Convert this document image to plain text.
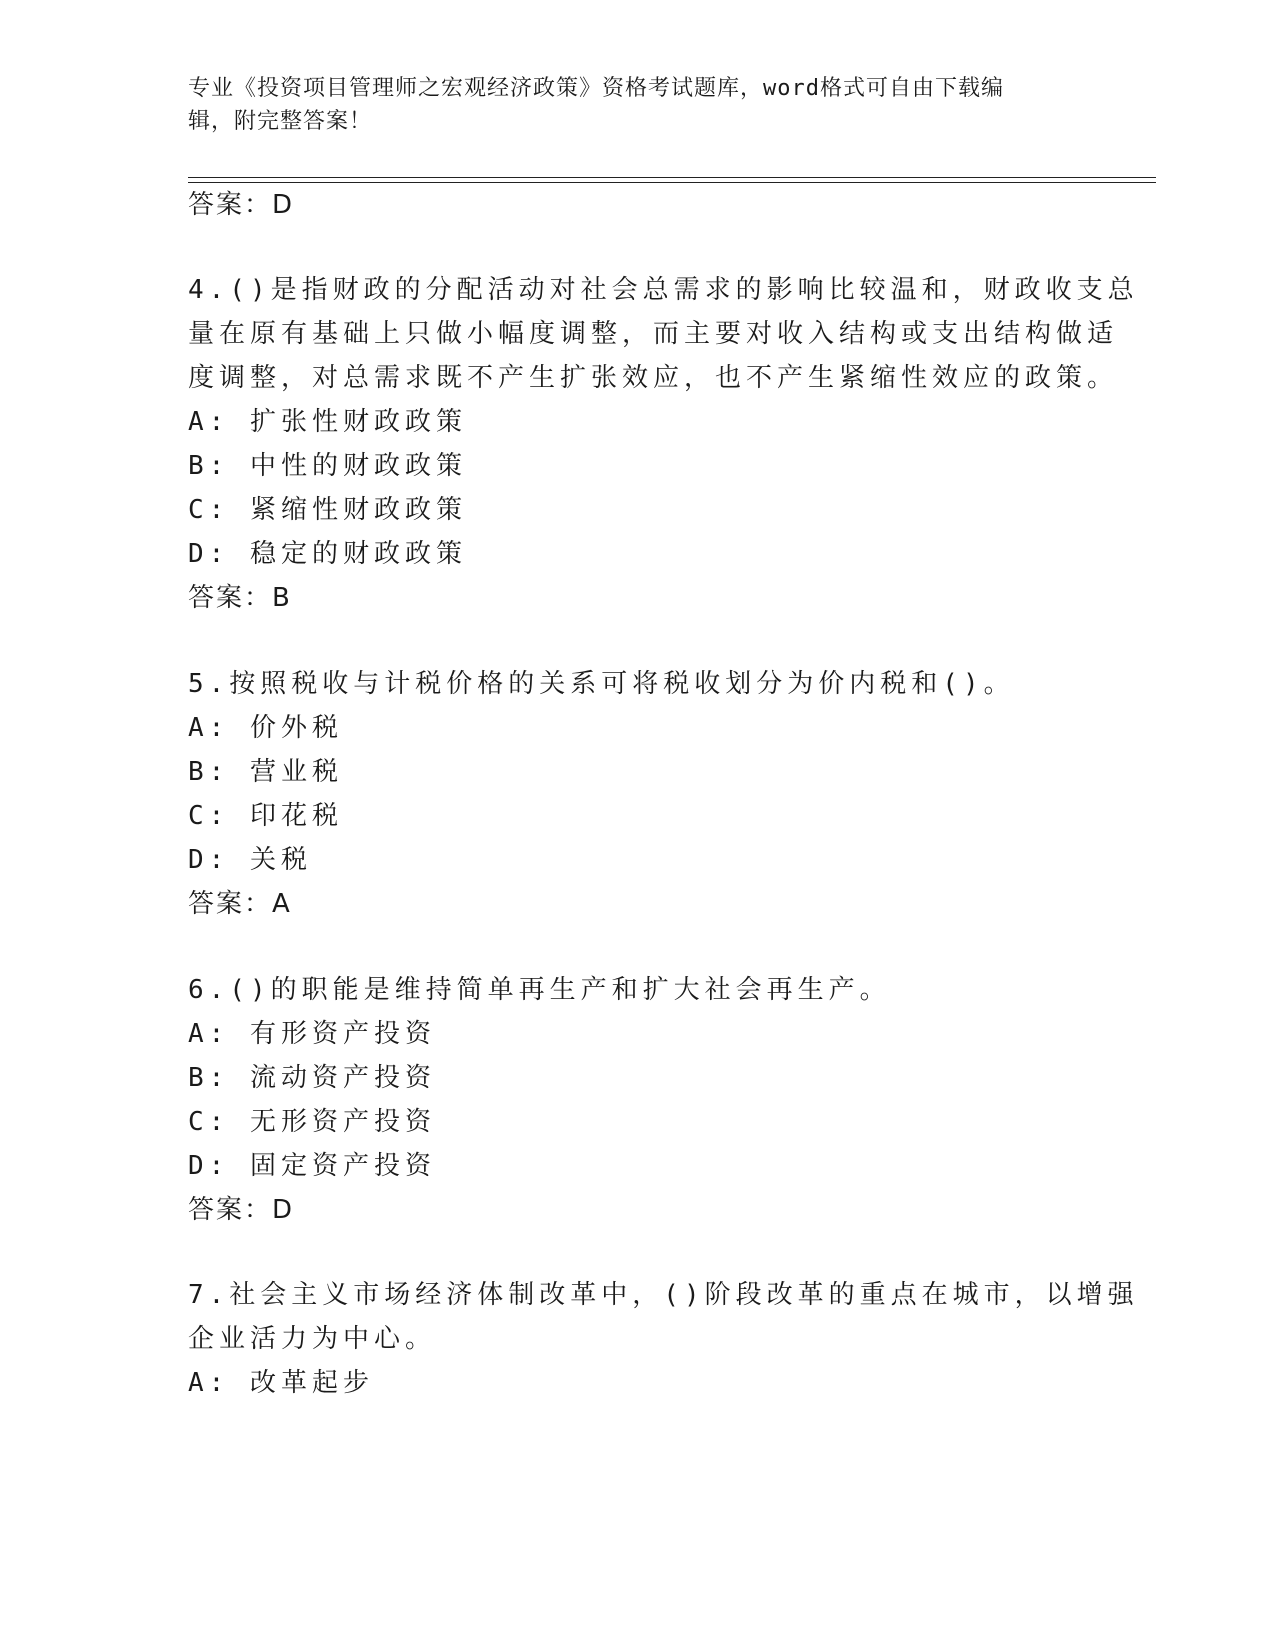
专业《投资项目管理师之宏观经济政策》资格考试题库，word格式可自由下载编
辑，附完整答案！

答案：D

4.()是指财政的分配活动对社会总需求的影响比较温和，财政收支总

量在原有基础上只做小幅度调整，而主要对收入结构或支出结构做适

度调整，对总需求既不产生扩张效应，也不产生紧缩性效应的政策。

A: 扩张性财政政策

B: 中性的财政政策

C: 紧缩性财政政策

D: 稳定的财政政策

答案：B

5.按照税收与计税价格的关系可将税收划分为价内税和()。

A: 价外税

B: 营业税

C: 印花税

D: 关税

答案：A

6.()的职能是维持简单再生产和扩大社会再生产。

A: 有形资产投资

B: 流动资产投资

C: 无形资产投资

D: 固定资产投资

答案：D

7.社会主义市场经济体制改革中，()阶段改革的重点在城市，以增强

企业活力为中心。

A: 改革起步
